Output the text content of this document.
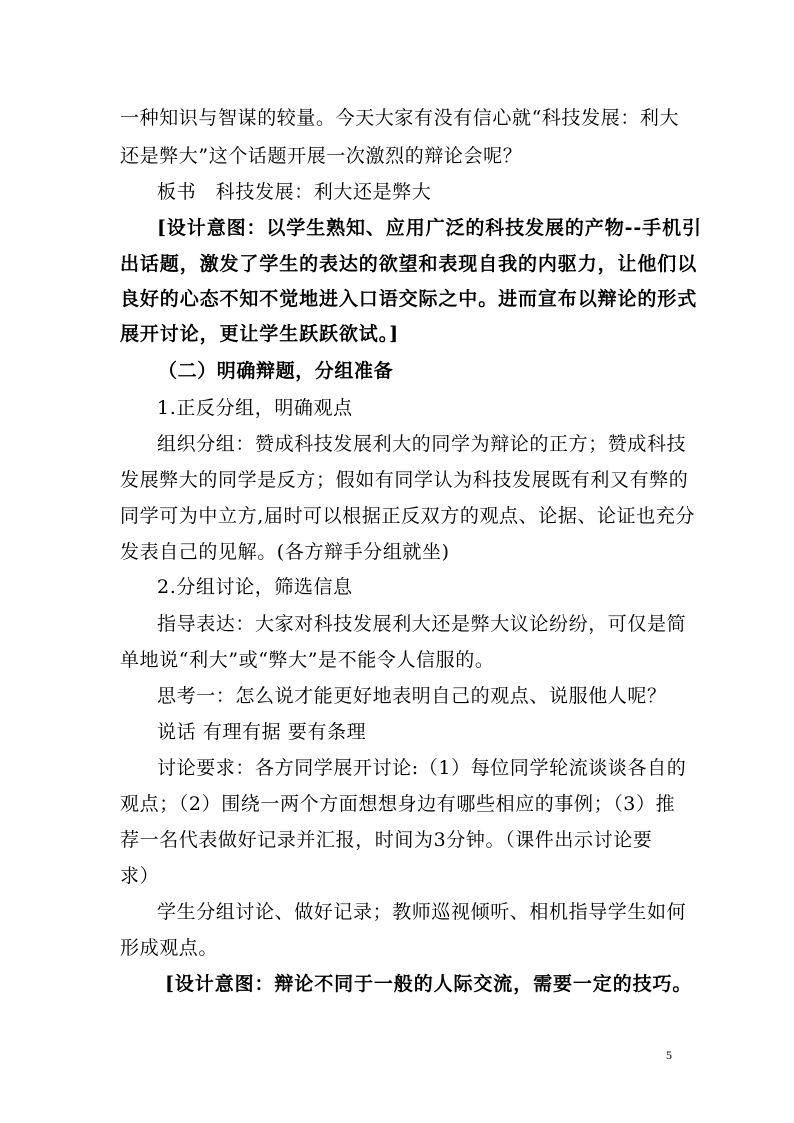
一种知识与智谋的较量。今天大家有没有信心就“科技发展：利大
还是弊大”这个话题开展一次激烈的辩论会呢？
板书　科技发展：利大还是弊大
[设计意图：以学生熟知、应用广泛的科技发展的产物--手机引
出话题，激发了学生的表达的欲望和表现自我的内驱力，让他们以
良好的心态不知不觉地进入口语交际之中。进而宣布以辩论的形式
展开讨论，更让学生跃跃欲试。]
（二）明确辩题，分组准备
1.正反分组，明确观点
组织分组：赞成科技发展利大的同学为辩论的正方；赞成科技
发展弊大的同学是反方；假如有同学认为科技发展既有利又有弊的
同学可为中立方,届时可以根据正反双方的观点、论据、论证也充分
发表自己的见解。(各方辩手分组就坐)
2.分组讨论，筛选信息
指导表达：大家对科技发展利大还是弊大议论纷纷，可仅是简
单地说“利大”或“弊大”是不能令人信服的。
思考一：怎么说才能更好地表明自己的观点、说服他人呢？
说话 有理有据 要有条理
讨论要求：各方同学展开讨论:（1）每位同学轮流谈谈各自的
观点；（2）围绕一两个方面想想身边有哪些相应的事例；（3）推
荐一名代表做好记录并汇报，时间为3分钟。（课件出示讨论要
求）
学生分组讨论、做好记录；教师巡视倾听、相机指导学生如何
形成观点。
[设计意图：辩论不同于一般的人际交流，需要一定的技巧。
5
